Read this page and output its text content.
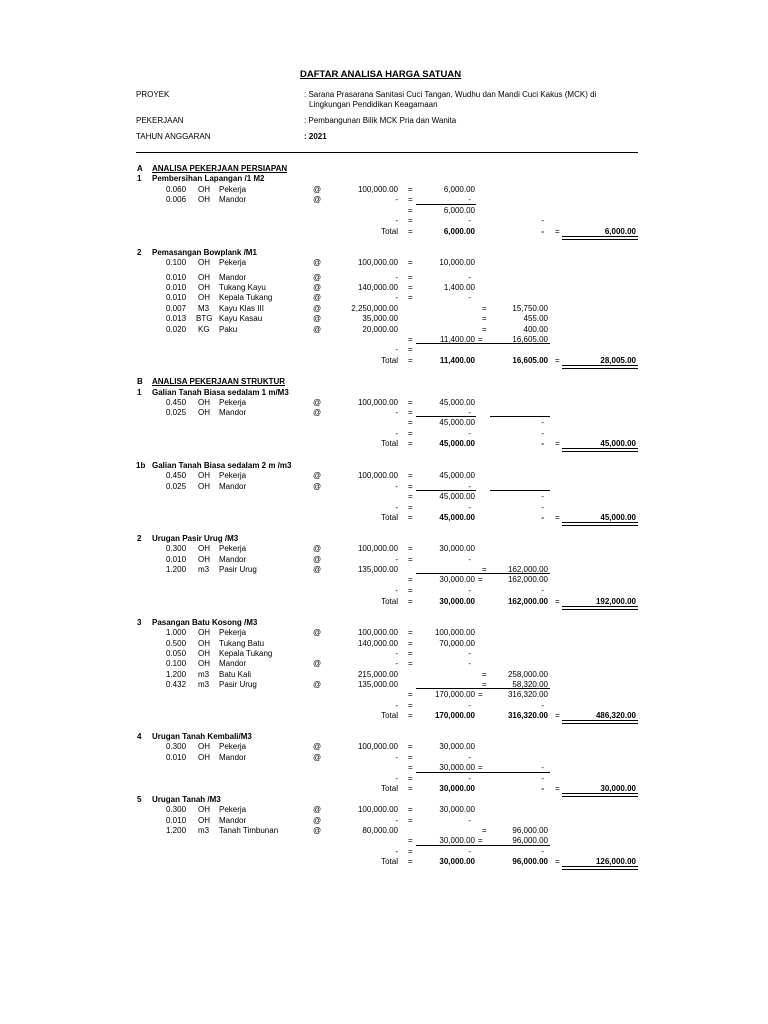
DAFTAR ANALISA HARGA SATUAN
PROYEK	: Sarana Prasarana Sanitasi Cuci Tangan, Wudhu dan Mandi Cuci Kakus (MCK) di
Lingkungan Pendidikan Keagamaan
PEKERJAAN	: Pembangunan Bilik MCK Pria dan Wanita
TAHUN ANGGARAN	: 2021
A ANALISA PEKERJAAN PERSIAPAN
1 Pembersihan Lapangan /1 M2
0.060 OH Pekerja	@	100,000.00 =	6,000.00
0.006 OH Mandor	@	- =	-
=	6,000.00
- =	-	-
Total =	6,000.00	- =	6,000.00
2 Pemasangan Bowplank /M1
0.100 OH Pekerja	@	100,000.00 =	10,000.00
0.010 OH Mandor	@	- =	-
0.010 OH Tukang Kayu	@	140,000.00 =	1,400.00
0.010 OH Kepala Tukang	@	- =	-
0.007 M3 Kayu Klas III	@	2,250,000.00	=	15,750.00
0.013 BTG Kayu Kasau	@	35,000.00	=	455.00
0.020 KG Paku	@	20,000.00	=	400.00
=	11,400.00 =	16,605.00
- =
Total =	11,400.00	16,605.00 =	28,005.00
B ANALISA PEKERJAAN STRUKTUR
1 Galian Tanah Biasa sedalam 1 m/M3
0.450 OH Pekerja	@	100,000.00 =	45,000.00
0.025 OH Mandor	@	- =	-
=	45,000.00	-
- =	-	-
Total =	45,000.00	- =	45,000.00
1b Galian Tanah Biasa sedalam 2 m /m3
0.450 OH Pekerja	@	100,000.00 =	45,000.00
0.025 OH Mandor	@	- =	-
=	45,000.00	-
- =	-	-
Total =	45,000.00	- =	45,000.00
2 Urugan Pasir Urug /M3
0.300 OH Pekerja	@	100,000.00 =	30,000.00
0.010 OH Mandor	@	- =	-
1.200 m3 Pasir Urug	@	135,000.00	=	162,000.00
=	30,000.00 =	162,000.00
- =	-	-
Total =	30,000.00	162,000.00 =	192,000.00
3 Pasangan Batu Kosong /M3
1.000 OH Pekerja	@	100,000.00 =	100,000.00
0.500 OH Tukang Batu	140,000.00 =	70,000.00
0.050 OH Kepala Tukang	- =	-
0.100 OH Mandor	@	- =	-
1.200 m3 Batu Kali	215,000.00	=	258,000.00
0.432 m3 Pasir Urug	@	135,000.00	=	58,320.00
=	170,000.00 =	316,320.00
- =	-	-
Total =	170,000.00	316,320.00 =	486,320.00
4 Urugan Tanah Kembali/M3
0.300 OH Pekerja	@	100,000.00 =	30,000.00
0.010 OH Mandor	@	- =	-
=	30,000.00 =	-
- =	-	-
Total =	30,000.00	- =	30,000.00
5 Urugan Tanah /M3
0.300 OH Pekerja	@	100,000.00 =	30,000.00
0.010 OH Mandor	@	- =	-
1.200 m3 Tanah Timbunan	@	80,000.00	=	96,000.00
=	30,000.00 =	96,000.00
- =	-	-
Total =	30,000.00	96,000.00 =	126,000.00
